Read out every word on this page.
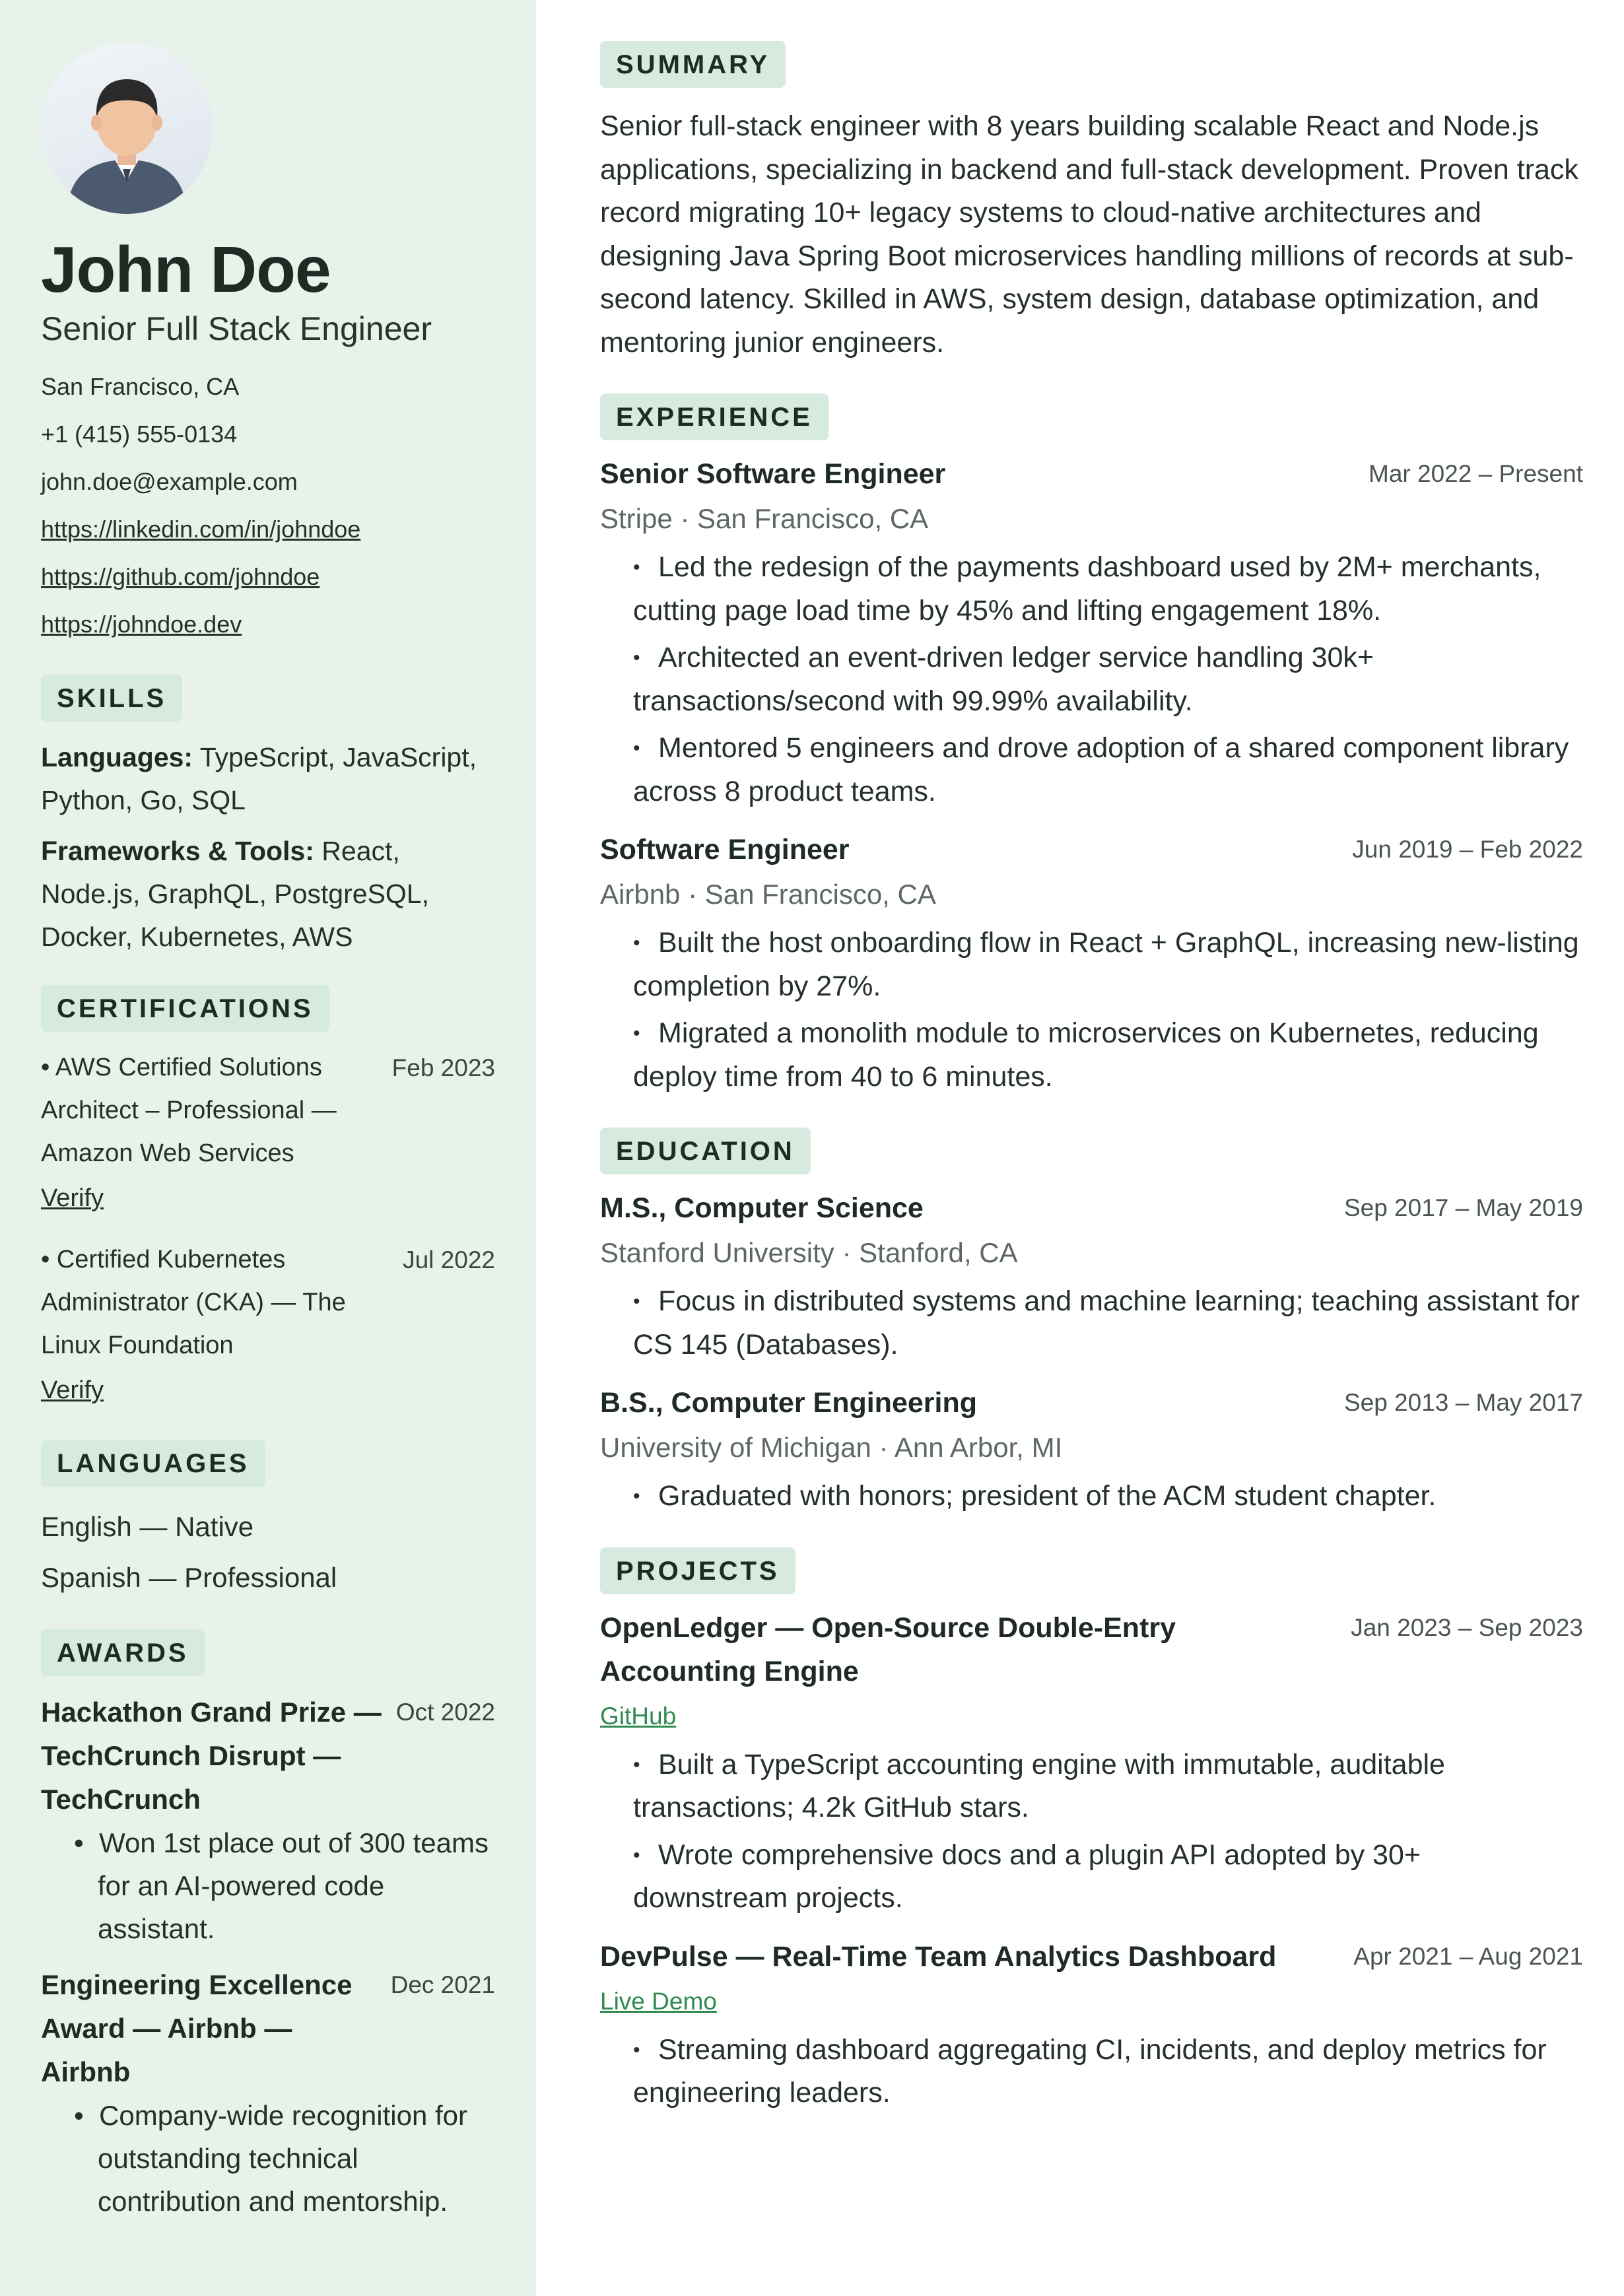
John Doe
Senior Full Stack Engineer
San Francisco, CA
+1 (415) 555-0134
john.doe@example.com
https://linkedin.com/in/johndoe
https://github.com/johndoe
https://johndoe.dev
SKILLS

Languages: TypeScript, JavaScript, Python, Go, SQL

Frameworks & Tools: React, Node.js, GraphQL, PostgreSQL, Docker, Kubernetes, AWS

CERTIFICATIONS
• AWS Certified Solutions Architect – Professional — Amazon Web Services
Feb 2023
Verify
• Certified Kubernetes Administrator (CKA) — The Linux Foundation
Jul 2022
Verify
LANGUAGES
English — Native
Spanish — Professional
AWARDS
Hackathon Grand Prize — TechCrunch Disrupt — TechCrunch
Oct 2022
• Won 1st place out of 300 teams for an AI-powered code assistant.
Engineering Excellence Award — Airbnb — Airbnb
Dec 2021
• Company-wide recognition for outstanding technical contribution and mentorship.
SUMMARY

Senior full-stack engineer with 8 years building scalable React and Node.js applications, specializing in backend and full-stack development. Proven track record migrating 10+ legacy systems to cloud-native architectures and designing Java Spring Boot microservices handling millions of records at sub-second latency. Skilled in AWS, system design, database optimization, and mentoring junior engineers.

EXPERIENCE
Senior Software Engineer	Mar 2022 – Present
Stripe · San Francisco, CA
• Led the redesign of the payments dashboard used by 2M+ merchants, cutting page load time by 45% and lifting engagement 18%.
• Architected an event-driven ledger service handling 30k+ transactions/second with 99.99% availability.
• Mentored 5 engineers and drove adoption of a shared component library across 8 product teams.
Software Engineer	Jun 2019 – Feb 2022
Airbnb · San Francisco, CA
• Built the host onboarding flow in React + GraphQL, increasing new-listing completion by 27%.
• Migrated a monolith module to microservices on Kubernetes, reducing deploy time from 40 to 6 minutes.
EDUCATION
M.S., Computer Science	Sep 2017 – May 2019
Stanford University · Stanford, CA
• Focus in distributed systems and machine learning; teaching assistant for CS 145 (Databases).
B.S., Computer Engineering	Sep 2013 – May 2017
University of Michigan · Ann Arbor, MI
• Graduated with honors; president of the ACM student chapter.
PROJECTS
OpenLedger — Open-Source Double-Entry Accounting Engine
Jan 2023 – Sep 2023
GitHub
• Built a TypeScript accounting engine with immutable, auditable transactions; 4.2k GitHub stars.
• Wrote comprehensive docs and a plugin API adopted by 30+ downstream projects.
DevPulse — Real-Time Team Analytics Dashboard	Apr 2021 – Aug 2021
Live Demo
• Streaming dashboard aggregating CI, incidents, and deploy metrics for engineering leaders.
